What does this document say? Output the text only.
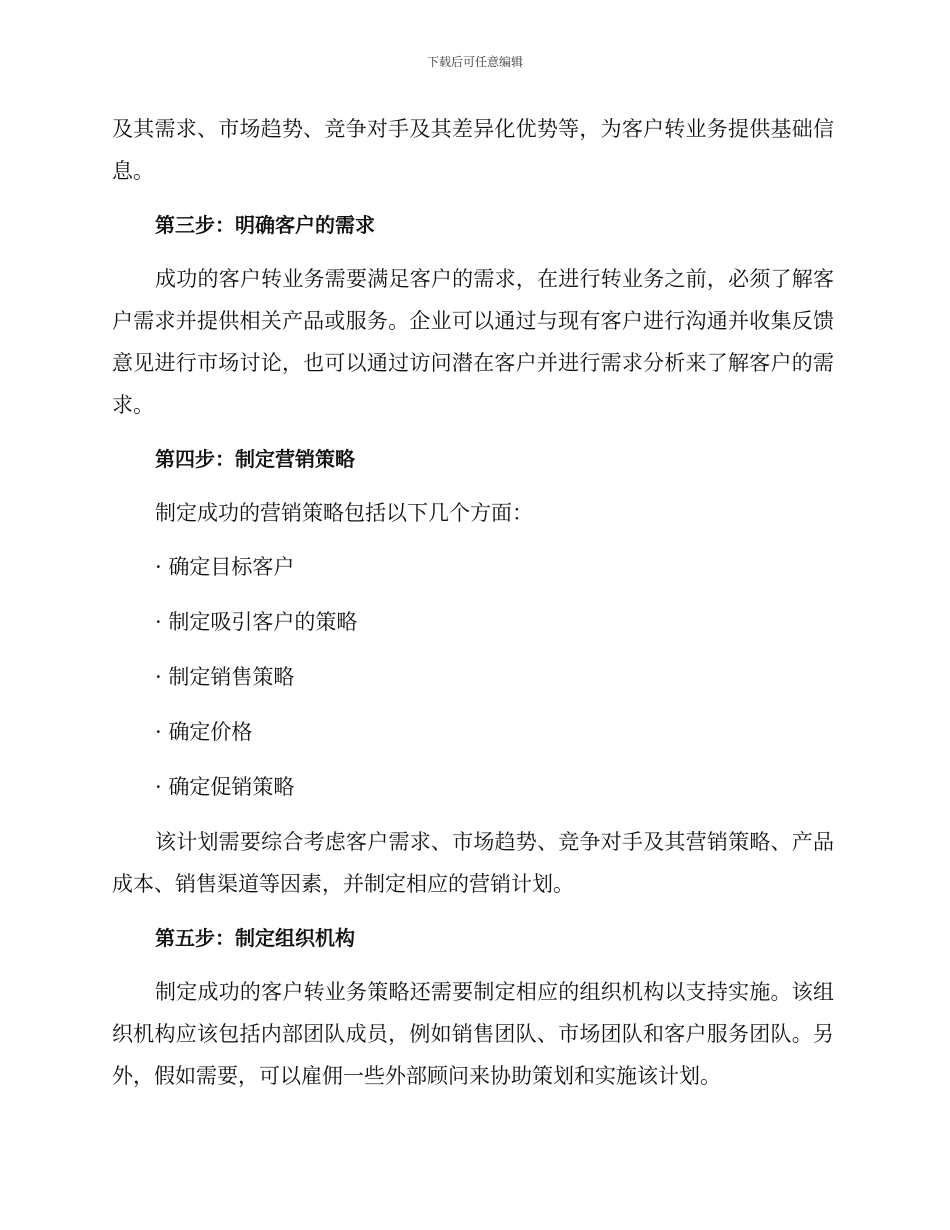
下载后可任意编辑

及其需求、市场趋势、竞争对手及其差异化优势等，为客户转业务提供基础信息。

第三步：明确客户的需求

成功的客户转业务需要满足客户的需求，在进行转业务之前，必须了解客户需求并提供相关产品或服务。企业可以通过与现有客户进行沟通并收集反馈意见进行市场讨论，也可以通过访问潜在客户并进行需求分析来了解客户的需求。

第四步：制定营销策略

制定成功的营销策略包括以下几个方面：

· 确定目标客户
· 制定吸引客户的策略
· 制定销售策略
· 确定价格
· 确定促销策略

该计划需要综合考虑客户需求、市场趋势、竞争对手及其营销策略、产品成本、销售渠道等因素，并制定相应的营销计划。

第五步：制定组织机构

制定成功的客户转业务策略还需要制定相应的组织机构以支持实施。该组织机构应该包括内部团队成员，例如销售团队、市场团队和客户服务团队。另外，假如需要，可以雇佣一些外部顾问来协助策划和实施该计划。
